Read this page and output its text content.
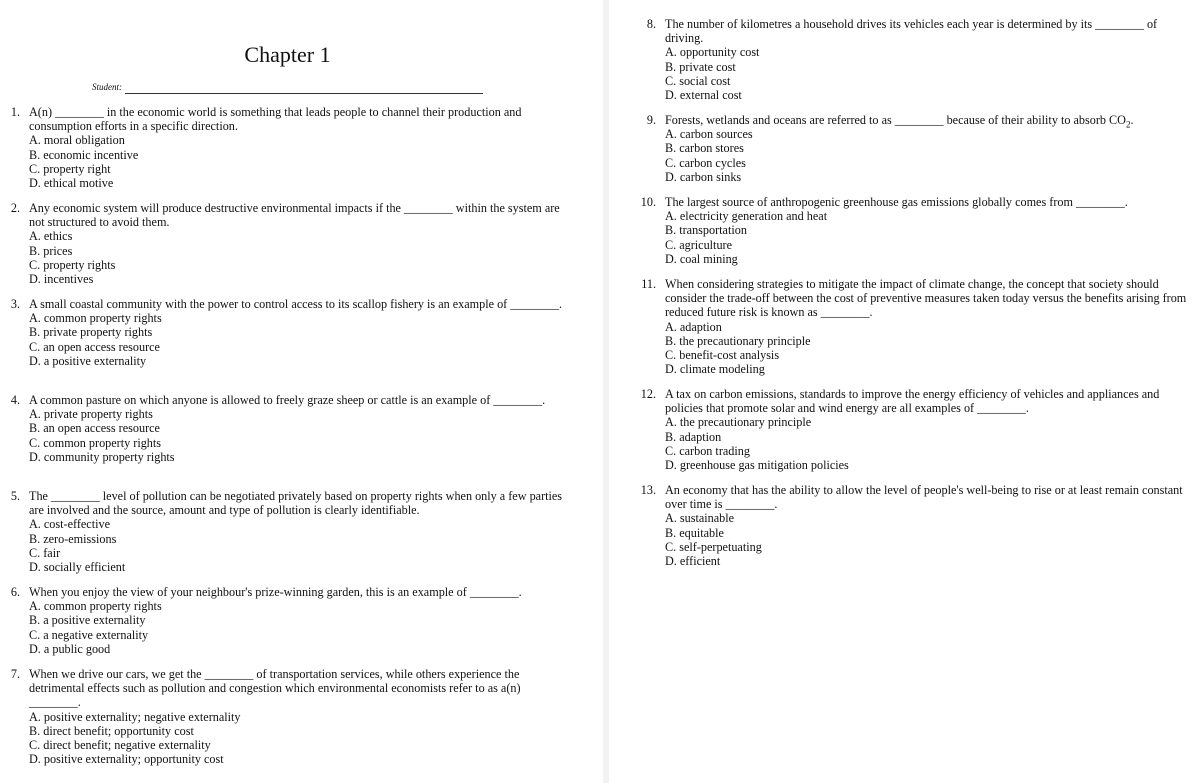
Chapter 1
Student:
1. A(n) ________ in the economic world is something that leads people to channel their production and consumption efforts in a specific direction.
A. moral obligation
B. economic incentive
C. property right
D. ethical motive
2. Any economic system will produce destructive environmental impacts if the ________ within the system are not structured to avoid them.
A. ethics
B. prices
C. property rights
D. incentives
3. A small coastal community with the power to control access to its scallop fishery is an example of ________.
A. common property rights
B. private property rights
C. an open access resource
D. a positive externality
4. A common pasture on which anyone is allowed to freely graze sheep or cattle is an example of ________.
A. private property rights
B. an open access resource
C. common property rights
D. community property rights
5. The ________ level of pollution can be negotiated privately based on property rights when only a few parties are involved and the source, amount and type of pollution is clearly identifiable.
A. cost-effective
B. zero-emissions
C. fair
D. socially efficient
6. When you enjoy the view of your neighbour's prize-winning garden, this is an example of ________.
A. common property rights
B. a positive externality
C. a negative externality
D. a public good
7. When we drive our cars, we get the ________ of transportation services, while others experience the detrimental effects such as pollution and congestion which environmental economists refer to as a(n) ________.
A. positive externality; negative externality
B. direct benefit; opportunity cost
C. direct benefit; negative externality
D. positive externality; opportunity cost
8. The number of kilometres a household drives its vehicles each year is determined by its ________ of driving.
A. opportunity cost
B. private cost
C. social cost
D. external cost
9. Forests, wetlands and oceans are referred to as ________ because of their ability to absorb $CO_2$.
A. carbon sources
B. carbon stores
C. carbon cycles
D. carbon sinks
10. The largest source of anthropogenic greenhouse gas emissions globally comes from ________.
A. electricity generation and heat
B. transportation
C. agriculture
D. coal mining
11. When considering strategies to mitigate the impact of climate change, the concept that society should consider the trade-off between the cost of preventive measures taken today versus the benefits arising from reduced future risk is known as ________.
A. adaption
B. the precautionary principle
C. benefit-cost analysis
D. climate modeling
12. A tax on carbon emissions, standards to improve the energy efficiency of vehicles and appliances and policies that promote solar and wind energy are all examples of ________.
A. the precautionary principle
B. adaption
C. carbon trading
D. greenhouse gas mitigation policies
13. An economy that has the ability to allow the level of people's well-being to rise or at least remain constant over time is ________.
A. sustainable
B. equitable
C. self-perpetuating
D. efficient
